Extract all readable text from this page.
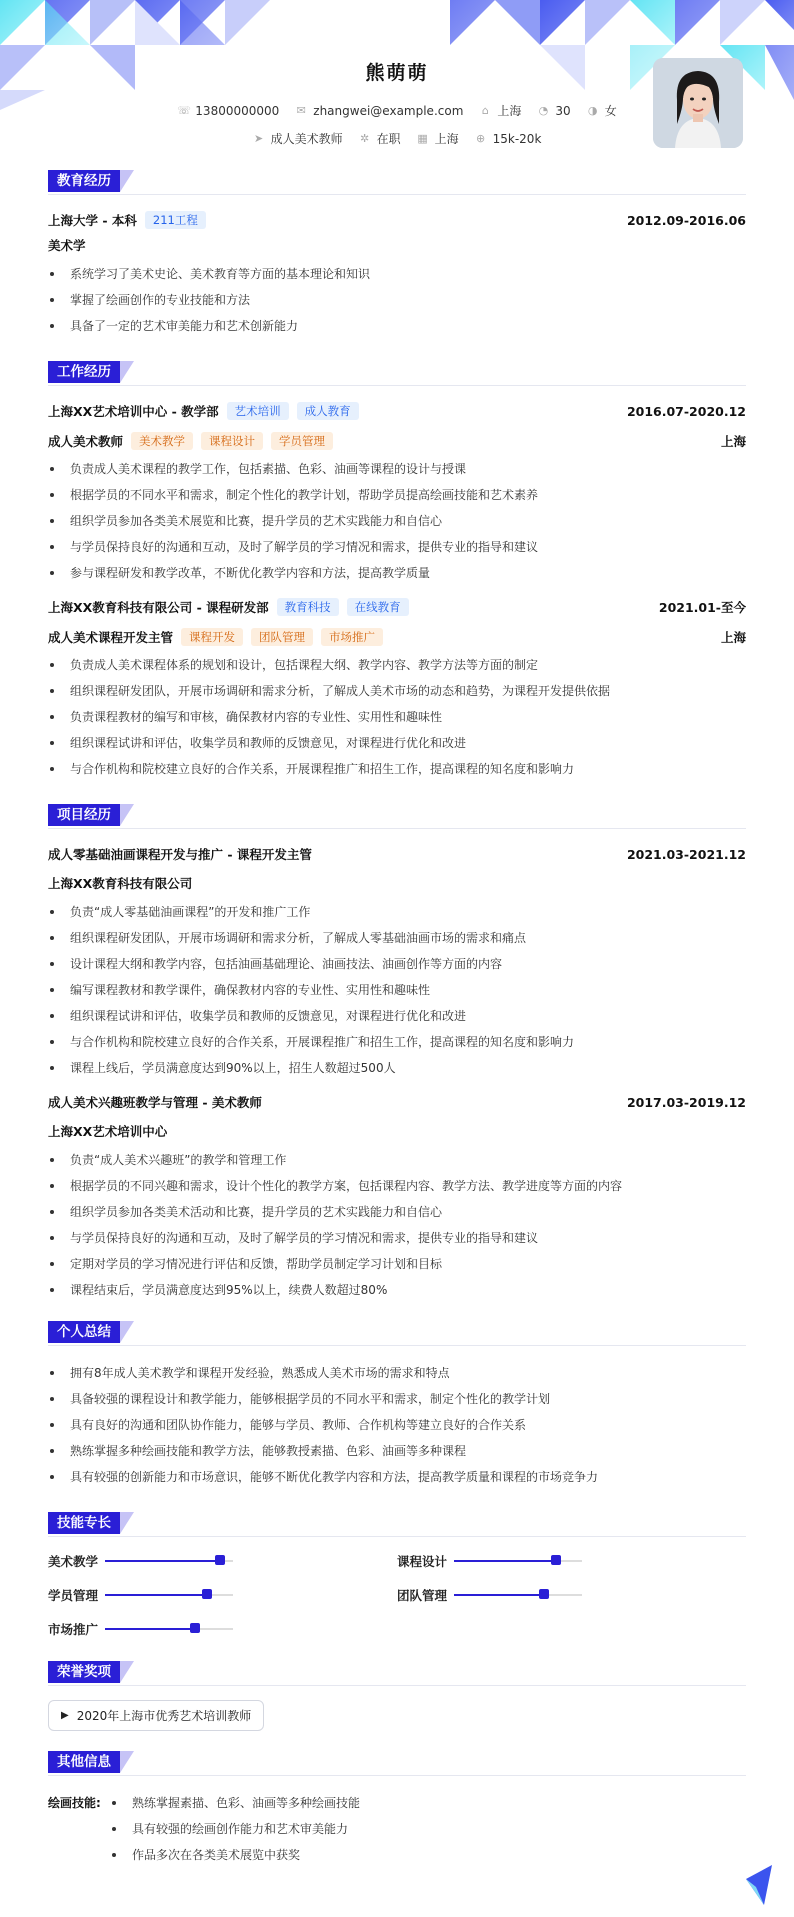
熊萌萌
☏ 13800000000 ✉ zhangwei@example.com ⌂ 上海 ◔ 30 ◑ 女
➤ 成人美术教师 ✲ 在职 ▦ 上海 ⊕ 15k-20k
教育经历
上海大学 - 本科	211工程	2012.09-2016.06
美术学
系统学习了美术史论、美术教育等方面的基本理论和知识
掌握了绘画创作的专业技能和方法
具备了一定的艺术审美能力和艺术创新能力
工作经历
上海XX艺术培训中心 - 教学部	艺术培训	成人教育	2016.07-2020.12
成人美术教师	美术教学	课程设计	学员管理	上海
负责成人美术课程的教学工作，包括素描、色彩、油画等课程的设计与授课
根据学员的不同水平和需求，制定个性化的教学计划，帮助学员提高绘画技能和艺术素养
组织学员参加各类美术展览和比赛，提升学员的艺术实践能力和自信心
与学员保持良好的沟通和互动，及时了解学员的学习情况和需求，提供专业的指导和建议
参与课程研发和教学改革，不断优化教学内容和方法，提高教学质量
上海XX教育科技有限公司 - 课程研发部	教育科技	在线教育	2021.01-至今
成人美术课程开发主管	课程开发	团队管理	市场推广	上海
负责成人美术课程体系的规划和设计，包括课程大纲、教学内容、教学方法等方面的制定
组织课程研发团队，开展市场调研和需求分析，了解成人美术市场的动态和趋势，为课程开发提供依据
负责课程教材的编写和审核，确保教材内容的专业性、实用性和趣味性
组织课程试讲和评估，收集学员和教师的反馈意见，对课程进行优化和改进
与合作机构和院校建立良好的合作关系，开展课程推广和招生工作，提高课程的知名度和影响力
项目经历
成人零基础油画课程开发与推广 - 课程开发主管	2021.03-2021.12
上海XX教育科技有限公司
负责“成人零基础油画课程”的开发和推广工作
组织课程研发团队，开展市场调研和需求分析，了解成人零基础油画市场的需求和痛点
设计课程大纲和教学内容，包括油画基础理论、油画技法、油画创作等方面的内容
编写课程教材和教学课件，确保教材内容的专业性、实用性和趣味性
组织课程试讲和评估，收集学员和教师的反馈意见，对课程进行优化和改进
与合作机构和院校建立良好的合作关系，开展课程推广和招生工作，提高课程的知名度和影响力
课程上线后，学员满意度达到90%以上，招生人数超过500人
成人美术兴趣班教学与管理 - 美术教师	2017.03-2019.12
上海XX艺术培训中心
负责“成人美术兴趣班”的教学和管理工作
根据学员的不同兴趣和需求，设计个性化的教学方案，包括课程内容、教学方法、教学进度等方面的内容
组织学员参加各类美术活动和比赛，提升学员的艺术实践能力和自信心
与学员保持良好的沟通和互动，及时了解学员的学习情况和需求，提供专业的指导和建议
定期对学员的学习情况进行评估和反馈，帮助学员制定学习计划和目标
课程结束后，学员满意度达到95%以上，续费人数超过80%
个人总结
拥有8年成人美术教学和课程开发经验，熟悉成人美术市场的需求和特点
具备较强的课程设计和教学能力，能够根据学员的不同水平和需求，制定个性化的教学计划
具有良好的沟通和团队协作能力，能够与学员、教师、合作机构等建立良好的合作关系
熟练掌握多种绘画技能和教学方法，能够教授素描、色彩、油画等多种课程
具有较强的创新能力和市场意识，能够不断优化教学内容和方法，提高教学质量和课程的市场竞争力
技能专长
美术教学	课程设计
学员管理	团队管理
市场推广
荣誉奖项
▶ 2020年上海市优秀艺术培训教师
其他信息
绘画技能:	熟练掌握素描、色彩、油画等多种绘画技能
具有较强的绘画创作能力和艺术审美能力
作品多次在各类美术展览中获奖
